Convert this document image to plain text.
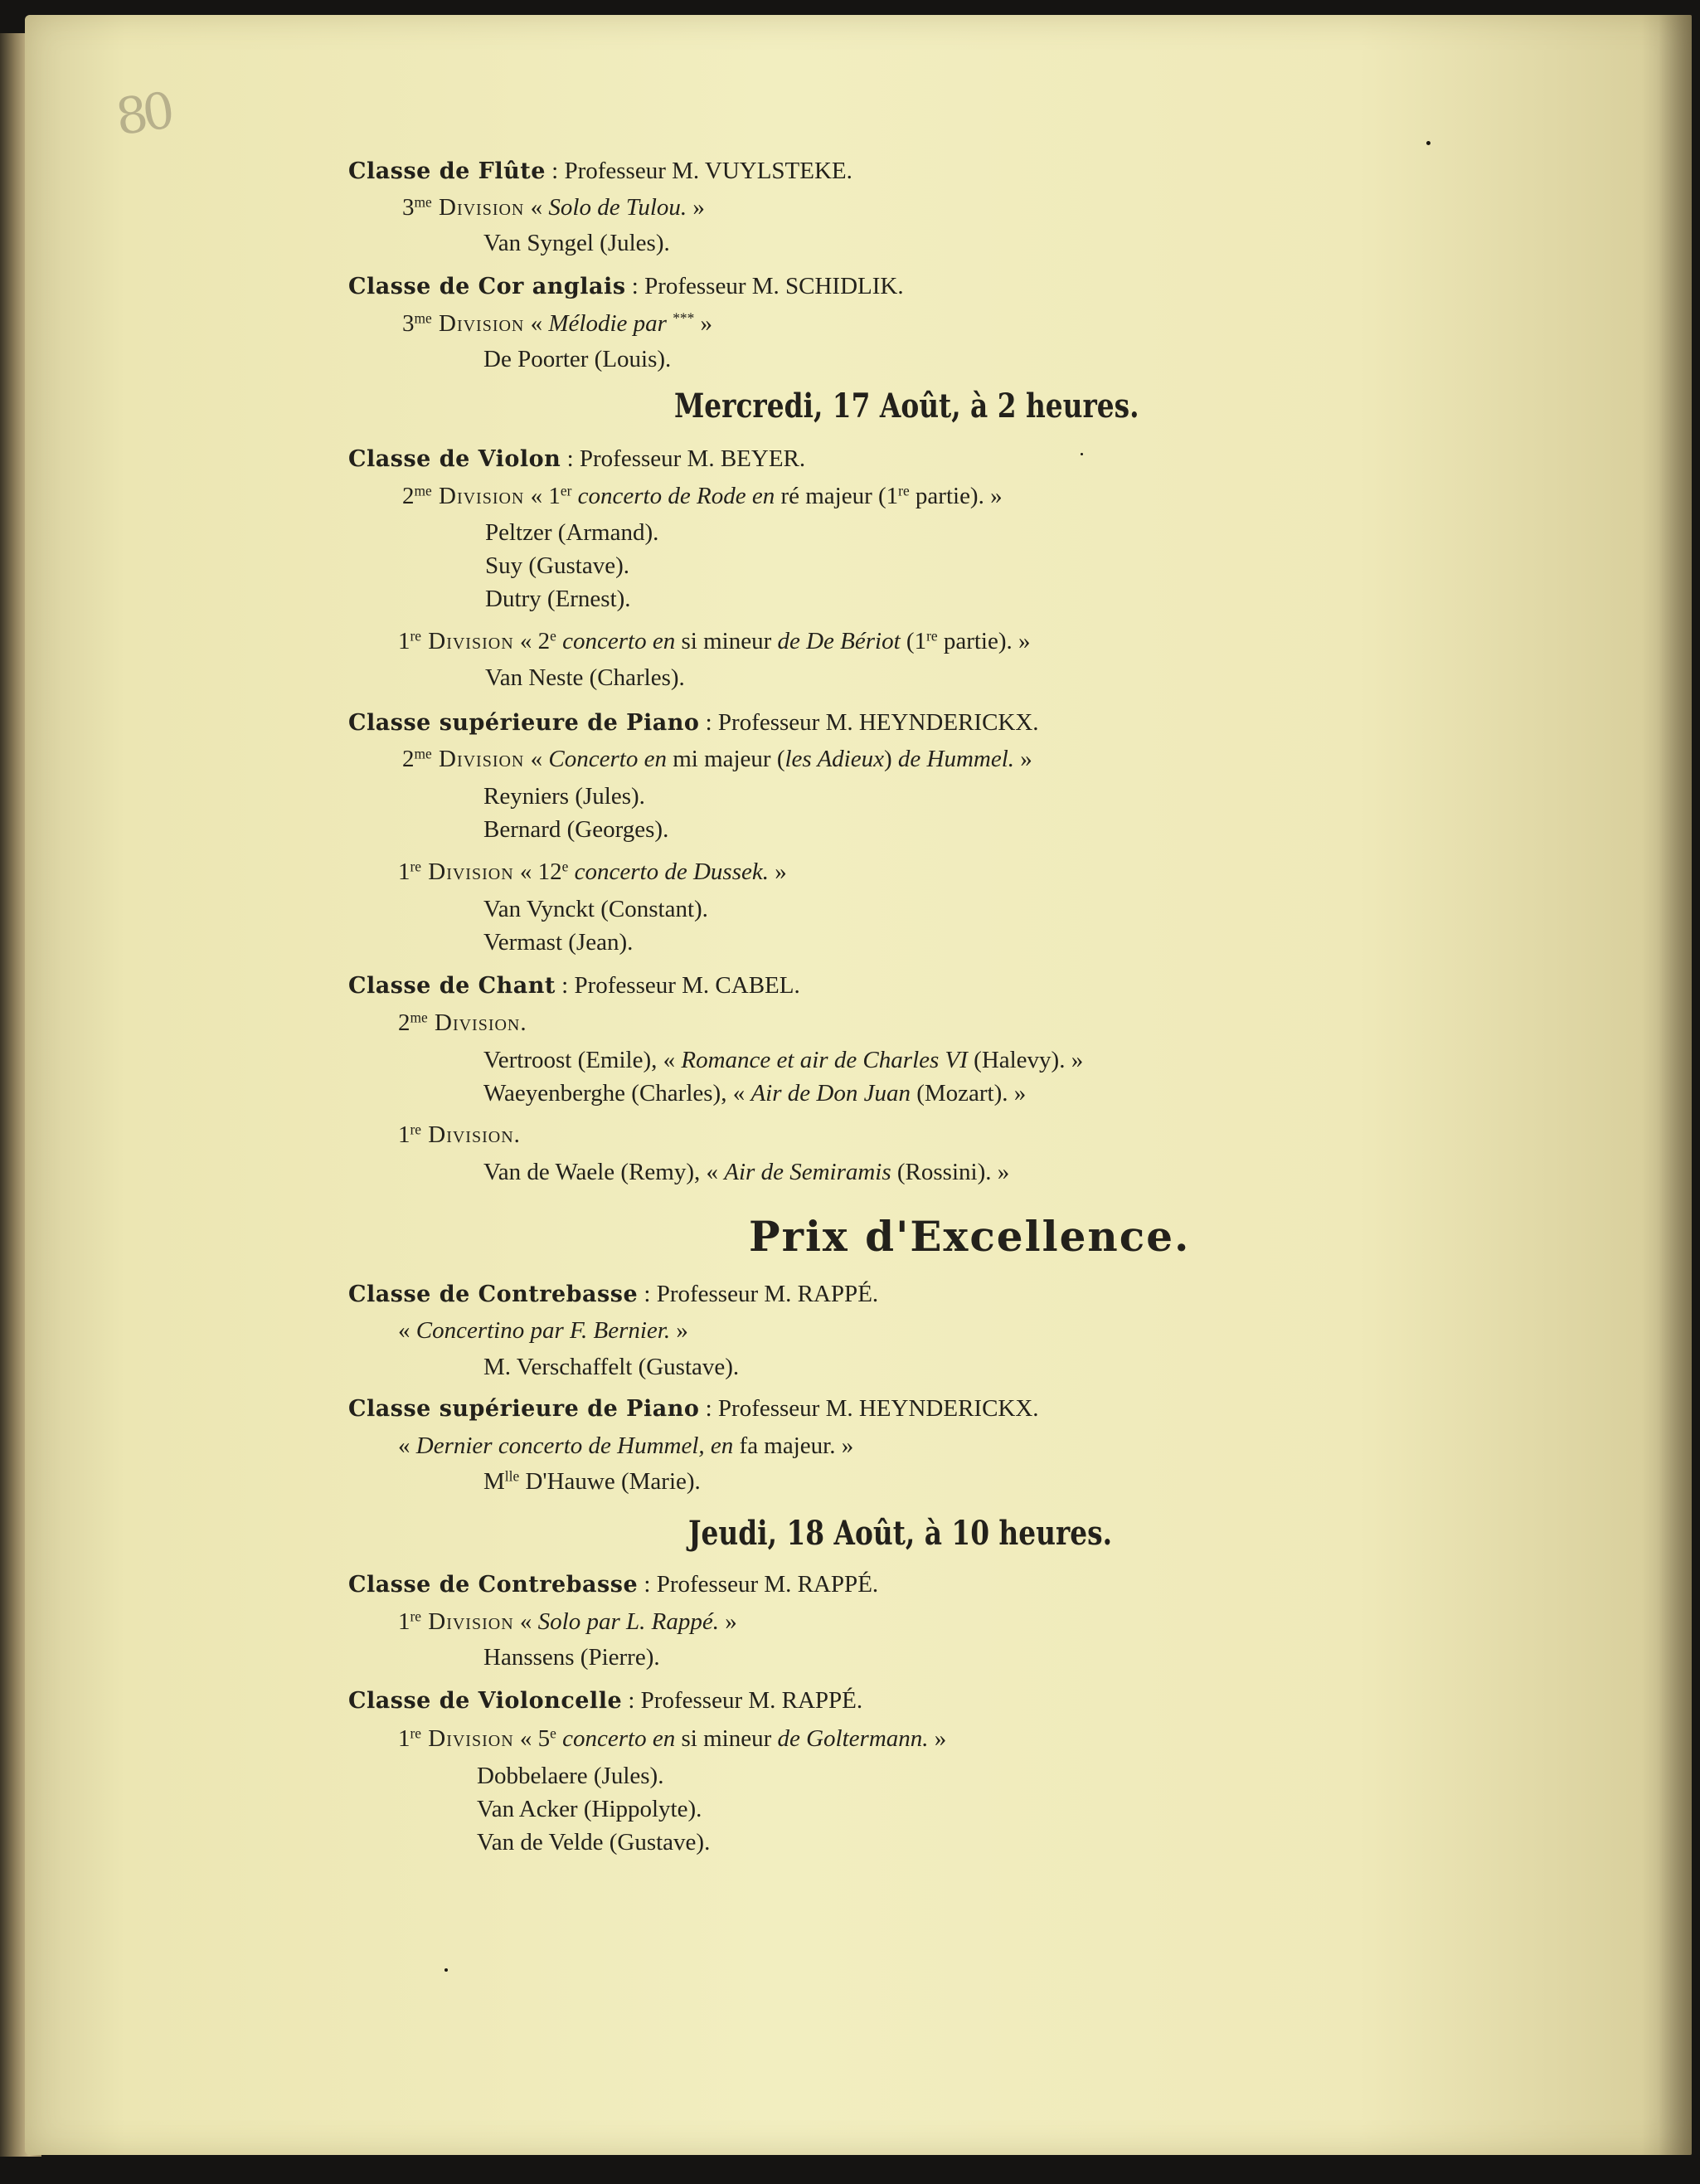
80
Classe de Flûte : Professeur M. VUYLSTEKE.
$3^{me}$ Division « Solo de Tulou. »
Van Syngel (Jules).
Classe de Cor anglais : Professeur M. SCHIDLIK.
$3^{me}$ Division « Mélodie par *** »
De Poorter (Louis).
Mercredi, 17 Août, à 2 heures.
Classe de Violon : Professeur M. BEYER.
$2^{me}$ Division « 1er concerto de Rode en ré majeur (1re partie). »
Peltzer (Armand).
Suy (Gustave).
Dutry (Ernest).
1re Division « 2e concerto en si mineur de De Bériot (1re partie). »
Van Neste (Charles).
Classe supérieure de Piano : Professeur M. HEYNDERICKX.
$2^{me}$ Division « Concerto en mi majeur (les Adieux) de Hummel. »
Reyniers (Jules).
Bernard (Georges).
1re Division « 12e concerto de Dussek. »
Van Vynckt (Constant).
Vermast (Jean).
Classe de Chant : Professeur M. CABEL.
$2^{me}$ Division.
Vertroost (Emile), « Romance et air de Charles VI (Halevy). »
Waeyenberghe (Charles), « Air de Don Juan (Mozart). »
1re Division.
Van de Waele (Remy), « Air de Semiramis (Rossini). »
Prix d'Excellence.
Classe de Contrebasse : Professeur M. RAPPÉ.
« Concertino par F. Bernier. »
M. Verschaffelt (Gustave).
Classe supérieure de Piano : Professeur M. HEYNDERICKX.
« Dernier concerto de Hummel, en fa majeur. »
$M^{lle}$ D'Hauwe (Marie).
Jeudi, 18 Août, à 10 heures.
Classe de Contrebasse : Professeur M. RAPPÉ.
1re Division « Solo par L. Rappé. »
Hanssens (Pierre).
Classe de Violoncelle : Professeur M. RAPPÉ.
1re Division « 5e concerto en si mineur de Goltermann. »
Dobbelaere (Jules).
Van Acker (Hippolyte).
Van de Velde (Gustave).
